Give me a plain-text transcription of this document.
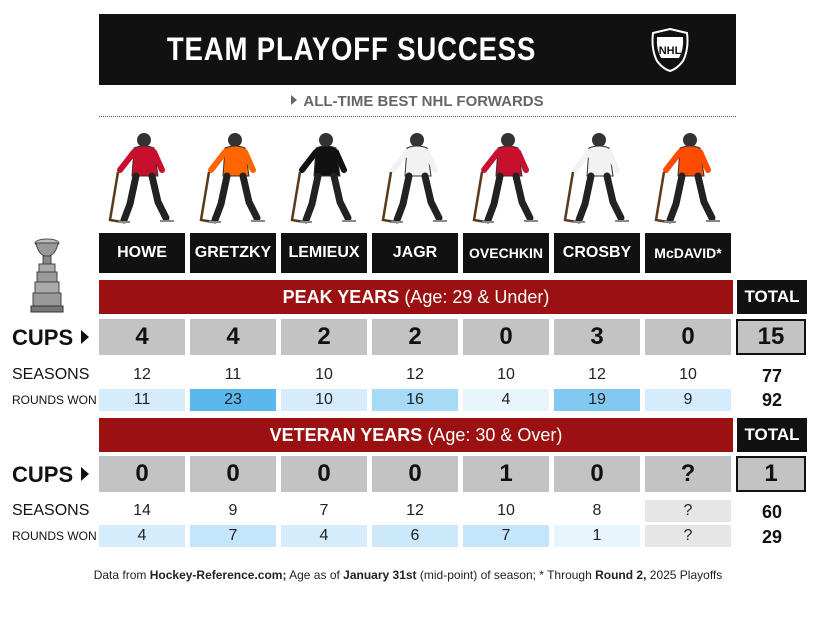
TEAM PLAYOFF SUCCESS	NHL
ALL-TIME BEST NHL FORWARDS
HOWE	GRETZKY	LEMIEUX	JAGR	OVECHKIN	CROSBY	McDAVID*
PEAK YEARS (Age: 29 & Under)	TOTAL
CUPS	4	4	2	2	0	3	0	15
SEASONS	12	11	10	12	10	12	10	77
ROUNDS WON	11	23	10	16	4	19	9	92
VETERAN YEARS (Age: 30 & Over)	TOTAL
CUPS	0	0	0	0	1	0	?	1
SEASONS	14	9	7	12	10	8	?	60
ROUNDS WON	4	7	4	6	7	1	?	29
Data from Hockey-Reference.com; Age as of January 31st (mid-point) of season; * Through Round 2, 2025 Playoffs
